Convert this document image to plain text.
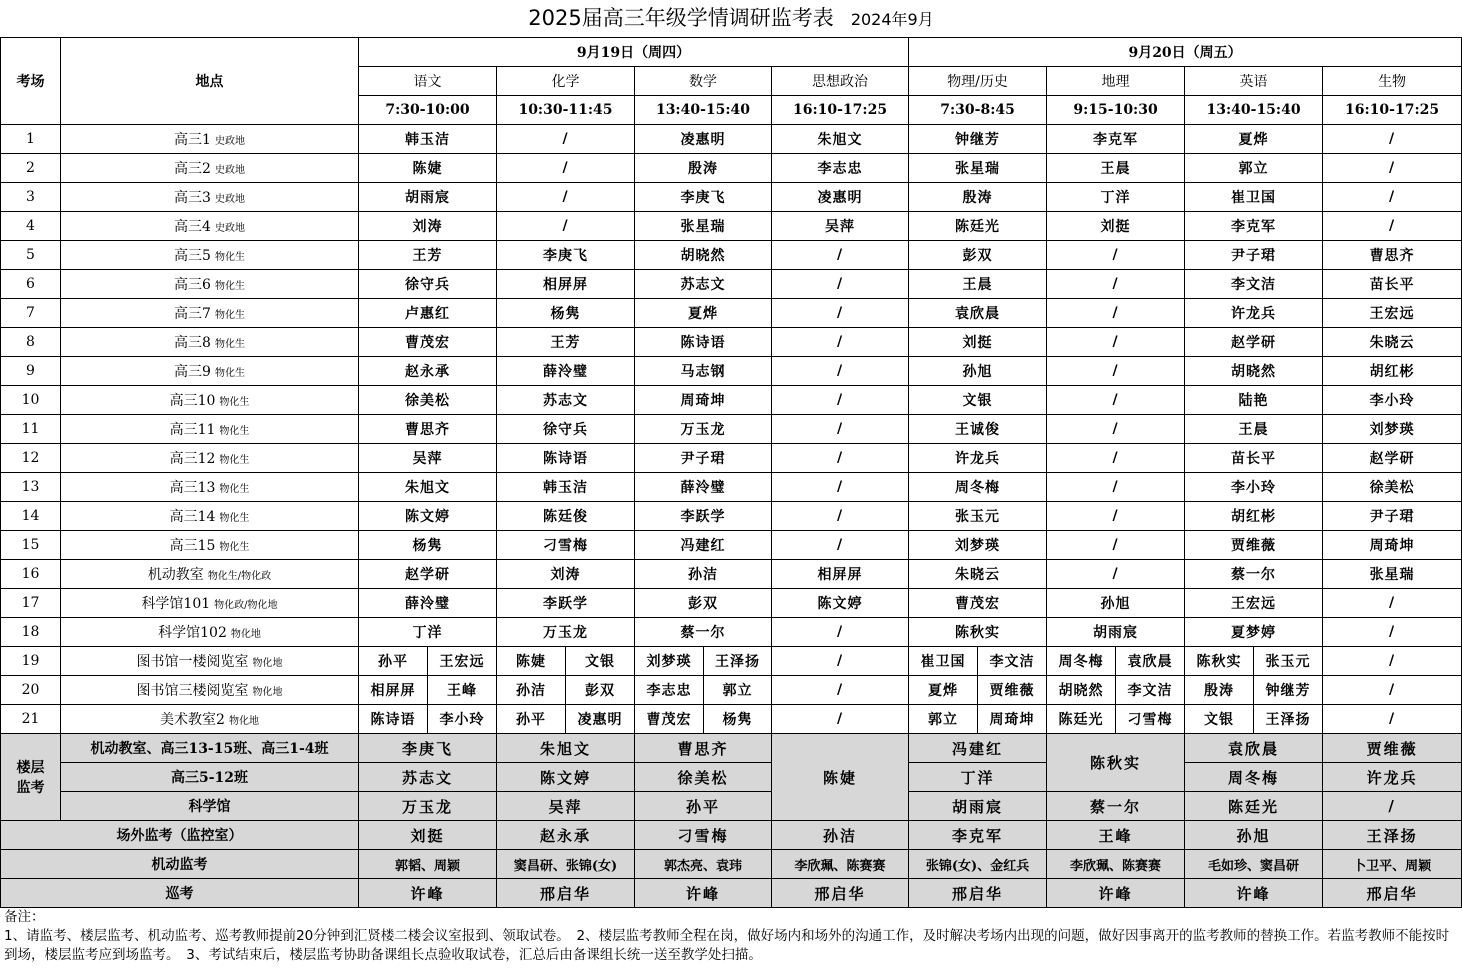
2025届高三年级学情调研监考表 2024年9月
考场	地点	9月19日（周四）							9月20日（周五）						
		语文		化学		数学		思想政治	物理/历史		地理		英语		生物
		7:30-10:00		10:30-11:45		13:40-15:40		16:10-17:25	7:30-8:45		9:15-10:30		13:40-15:40		16:10-17:25
1	高三1 史政地	韩玉洁		/		凌惠明		朱旭文	钟继芳		李克军		夏烨		/
2	高三2 史政地	陈婕		/		殷涛		李志忠	张星瑞		王晨		郭立		/
3	高三3 史政地	胡雨宸		/		李庚飞		凌惠明	殷涛		丁洋		崔卫国		/
4	高三4 史政地	刘涛		/		张星瑞		吴萍	陈廷光		刘挺		李克军		/
5	高三5 物化生	王芳		李庚飞		胡晓然		/	彭双		/		尹子珺		曹思齐
6	高三6 物化生	徐守兵		相屏屏		苏志文		/	王晨		/		李文洁		苗长平
7	高三7 物化生	卢惠红		杨隽		夏烨		/	袁欣晨		/		许龙兵		王宏远
8	高三8 物化生	曹茂宏		王芳		陈诗语		/	刘挺		/		赵学研		朱晓云
9	高三9 物化生	赵永承		薛泠璧		马志钢		/	孙旭		/		胡晓然		胡红彬
10	高三10 物化生	徐美松		苏志文		周琦坤		/	文银		/		陆艳		李小玲
11	高三11 物化生	曹思齐		徐守兵		万玉龙		/	王诚俊		/		王晨		刘梦瑛
12	高三12 物化生	吴萍		陈诗语		尹子珺		/	许龙兵		/		苗长平		赵学研
13	高三13 物化生	朱旭文		韩玉洁		薛泠璧		/	周冬梅		/		李小玲		徐美松
14	高三14 物化生	陈文婷		陈廷俊		李跃学		/	张玉元		/		胡红彬		尹子珺
15	高三15 物化生	杨隽		刁雪梅		冯建红		/	刘梦瑛		/		贾维薇		周琦坤
16	机动教室 物化生/物化政	赵学研		刘涛		孙洁		相屏屏	朱晓云		/		蔡一尔		张星瑞
17	科学馆101 物化政/物化地	薛泠璧		李跃学		彭双		陈文婷	曹茂宏		孙旭		王宏远		/
18	科学馆102 物化地	丁洋		万玉龙		蔡一尔		/	陈秋实		胡雨宸		夏梦婷		/
19	图书馆一楼阅览室 物化地	孙平	王宏远	陈婕	文银	刘梦瑛	王泽扬	/	崔卫国	李文洁	周冬梅	袁欣晨	陈秋实	张玉元	/
20	图书馆三楼阅览室 物化地	相屏屏	王峰	孙洁	彭双	李志忠	郭立	/	夏烨	贾维薇	胡晓然	李文洁	殷涛	钟继芳	/
21	美术教室2 物化地	陈诗语	李小玲	孙平	凌惠明	曹茂宏	杨隽	/	郭立	周琦坤	陈廷光	刁雪梅	文银	王泽扬	/
楼层监考	机动教室、高三13-15班、高三1-4班	李庚飞		朱旭文		曹思齐		陈婕	冯建红		陈秋实		袁欣晨		贾维薇
	高三5-12班	苏志文		陈文婷		徐美松			丁洋				周冬梅		许龙兵
	科学馆	万玉龙		吴萍		孙平			胡雨宸		蔡一尔		陈廷光		/
场外监考（监控室）		刘挺		赵永承		刁雪梅		孙洁	李克军		王峰		孙旭		王泽扬
机动监考		郭韬、周颖		窦昌研、张锦(女)		郭杰亮、袁玮		李欣珮、陈赛赛	张锦(女)、金红兵		李欣珮、陈赛赛		毛如珍、窦昌研		卜卫平、周颖
巡考		许峰		邢启华		许峰		邢启华	邢启华		许峰		许峰		邢启华
备注：
1、请监考、楼层监考、机动监考、巡考教师提前20分钟到汇贤楼二楼会议室报到、领取试卷。　2、楼层监考教师全程在岗，做好场内和场外的沟通工作，及时解决考场内出现的问题，做好因事离开的监考教师的替换工作。若监考教师不能按时到场，楼层监考应到场监考。　3、考试结束后，楼层监考协助备课组长点验收取试卷，汇总后由备课组长统一送至教学处扫描。
